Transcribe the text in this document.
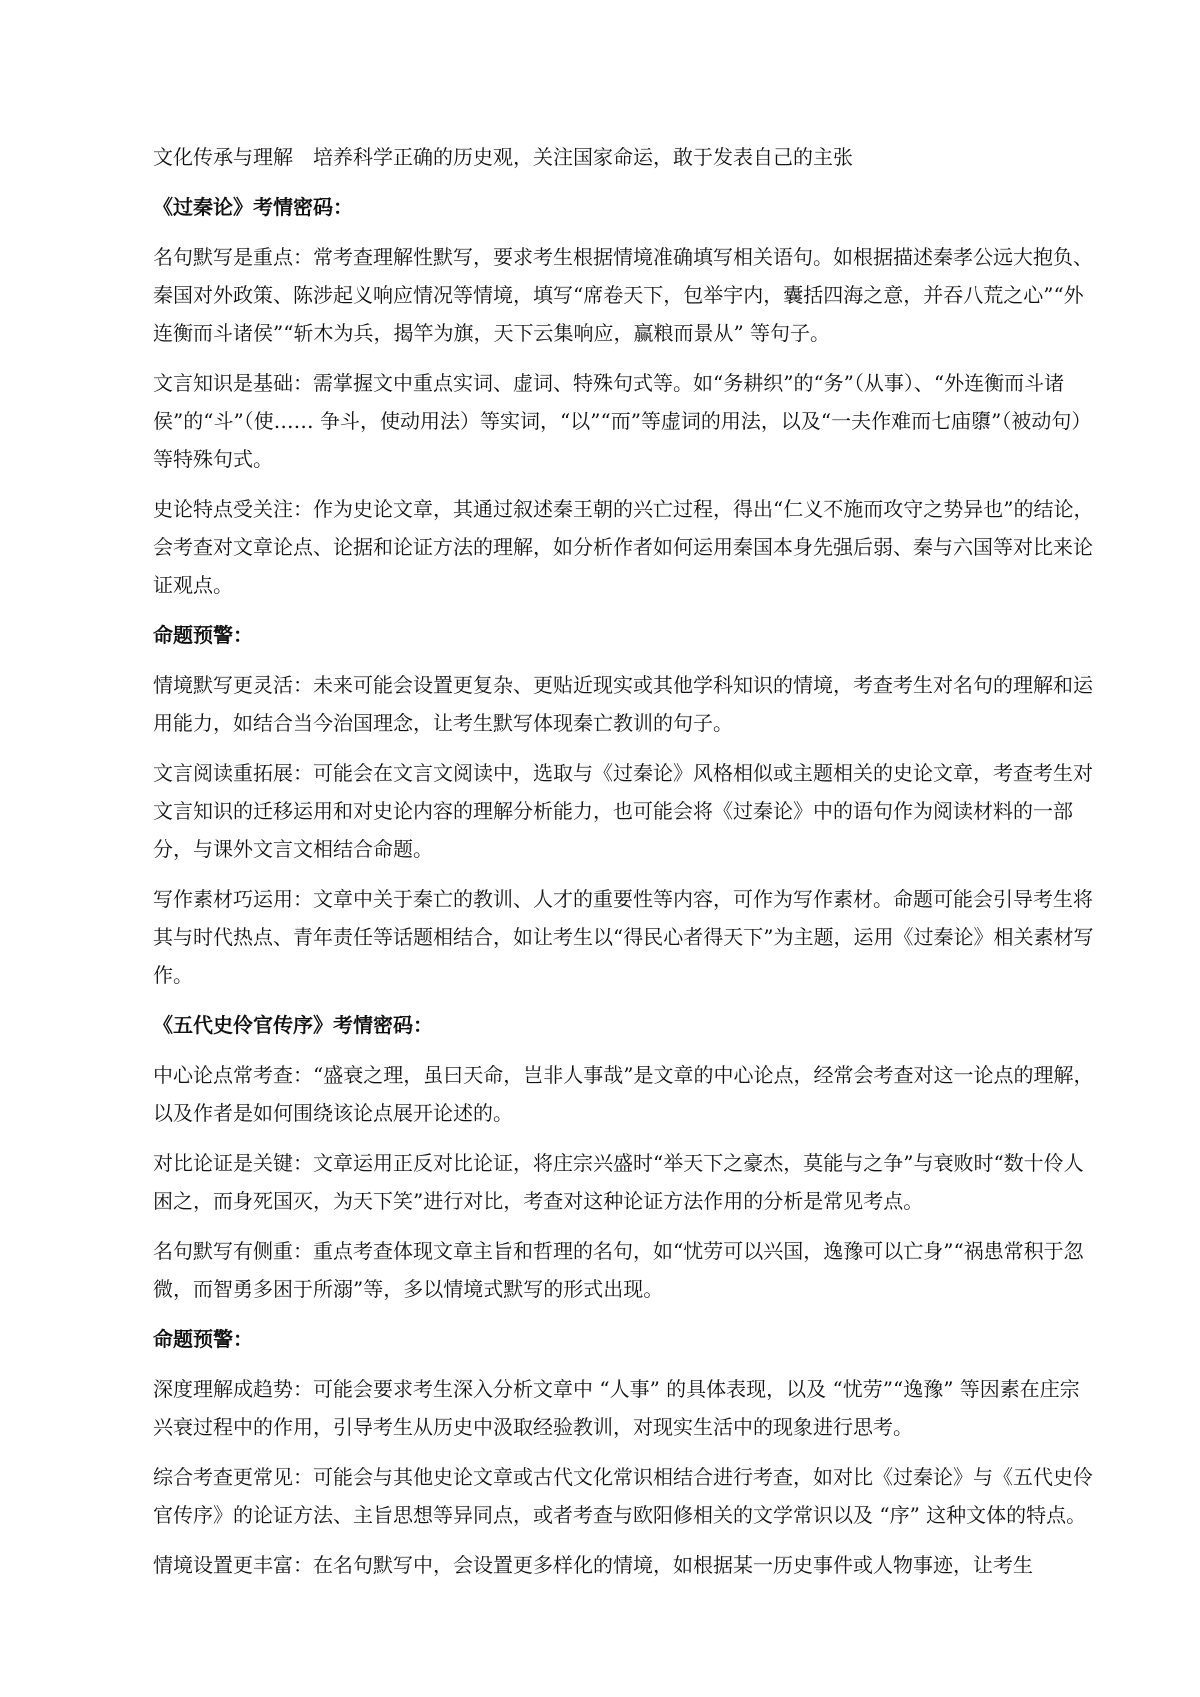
文化传承与理解 培养科学正确的历史观，关注国家命运，敢于发表自己的主张

《过秦论》考情密码：

名句默写是重点：常考查理解性默写，要求考生根据情境准确填写相关语句。如根据描述秦孝公远大抱负、秦国对外政策、陈涉起义响应情况等情境，填写“席卷天下，包举宇内，囊括四海之意，并吞八荒之心”“外连衡而斗诸侯”“斩木为兵，揭竿为旗，天下云集响应，赢粮而景从” 等句子。

文言知识是基础：需掌握文中重点实词、虚词、特殊句式等。如“务耕织”的“务”（从事）、“外连衡而斗诸侯”的“斗”（使…… 争斗，使动用法）等实词，“以”“而”等虚词的用法，以及“一夫作难而七庙隳”（被动句）等特殊句式。

史论特点受关注：作为史论文章，其通过叙述秦王朝的兴亡过程，得出“仁义不施而攻守之势异也”的结论，会考查对文章论点、论据和论证方法的理解，如分析作者如何运用秦国本身先强后弱、秦与六国等对比来论证观点。

命题预警：

情境默写更灵活：未来可能会设置更复杂、更贴近现实或其他学科知识的情境，考查考生对名句的理解和运用能力，如结合当今治国理念，让考生默写体现秦亡教训的句子。

文言阅读重拓展：可能会在文言文阅读中，选取与《过秦论》风格相似或主题相关的史论文章，考查考生对文言知识的迁移运用和对史论内容的理解分析能力，也可能会将《过秦论》中的语句作为阅读材料的一部分，与课外文言文相结合命题。

写作素材巧运用：文章中关于秦亡的教训、人才的重要性等内容，可作为写作素材。命题可能会引导考生将其与时代热点、青年责任等话题相结合，如让考生以“得民心者得天下”为主题，运用《过秦论》相关素材写作。

《五代史伶官传序》考情密码：

中心论点常考查：“盛衰之理，虽曰天命，岂非人事哉”是文章的中心论点，经常会考查对这一论点的理解，以及作者是如何围绕该论点展开论述的。

对比论证是关键：文章运用正反对比论证，将庄宗兴盛时“举天下之豪杰，莫能与之争”与衰败时“数十伶人困之，而身死国灭，为天下笑”进行对比，考查对这种论证方法作用的分析是常见考点。

名句默写有侧重：重点考查体现文章主旨和哲理的名句，如“忧劳可以兴国，逸豫可以亡身”“祸患常积于忽微，而智勇多困于所溺”等，多以情境式默写的形式出现。

命题预警：

深度理解成趋势：可能会要求考生深入分析文章中 “人事” 的具体表现，以及 “忧劳”“逸豫” 等因素在庄宗兴衰过程中的作用，引导考生从历史中汲取经验教训，对现实生活中的现象进行思考。

综合考查更常见：可能会与其他史论文章或古代文化常识相结合进行考查，如对比《过秦论》与《五代史伶官传序》的论证方法、主旨思想等异同点，或者考查与欧阳修相关的文学常识以及 “序” 这种文体的特点。

情境设置更丰富：在名句默写中，会设置更多样化的情境，如根据某一历史事件或人物事迹，让考生
